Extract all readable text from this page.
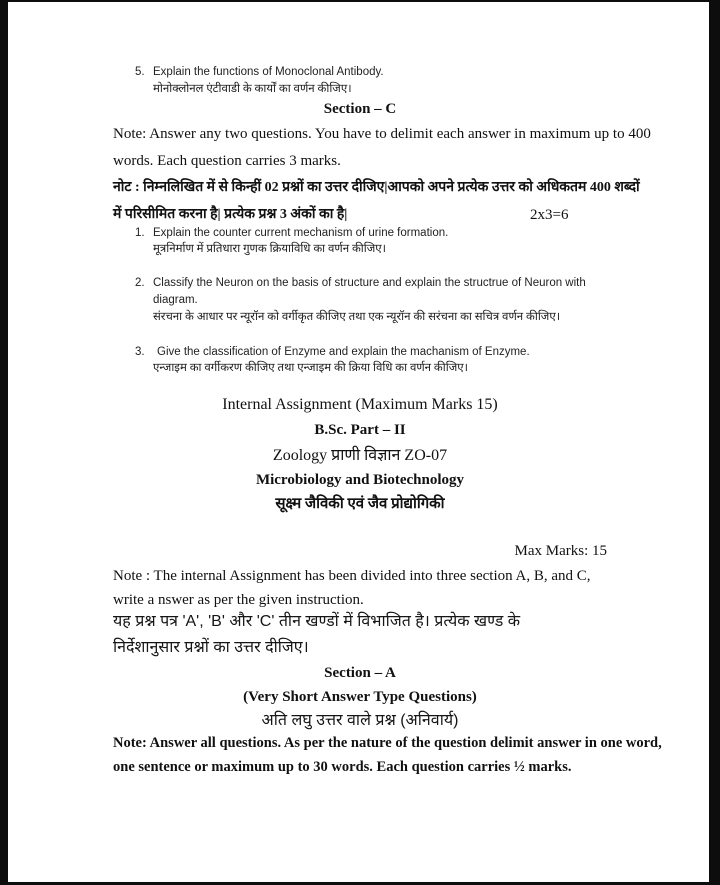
5. Explain the functions of Monoclonal Antibody.
मोनोक्लोनल एंटीवाडी के कार्यों का वर्णन कीजिए।
Section – C
Note: Answer any two questions. You have to delimit each answer in maximum up to 400
words. Each question carries 3 marks.
नोट : निम्नलिखित में से किन्हीं 02 प्रश्नों का उत्तर दीजिए|आपको अपने प्रत्येक उत्तर को अधिकतम 400 शब्दों
में परिसीमित करना है| प्रत्येक प्रश्न 3 अंकों का है|	2x3=6
1. Explain the counter current mechanism of urine formation.
मूत्रनिर्माण में प्रतिधारा गुणक क्रियाविधि का वर्णन कीजिए।
2. Classify the Neuron on the basis of structure and explain the structrue of Neuron with
diagram.
संरचना के आधार पर न्यूरॉन को वर्गीकृत कीजिए तथा एक न्यूरॉन की सरंचना का सचित्र वर्णन कीजिए।
3. Give the classification of Enzyme and explain the machanism of Enzyme.
एन्जाइम का वर्गीकरण कीजिए तथा एन्जाइम की क्रिया विधि का वर्णन कीजिए।
Internal Assignment (Maximum Marks 15)
B.Sc. Part – II
Zoology प्राणी विज्ञान ZO-07
Microbiology and Biotechnology
सूक्ष्म जैविकी एवं जैव प्रोद्योगिकी
Max Marks: 15
Note : The internal Assignment has been divided into three section A, B, and C,
write a nswer as per the given instruction.
यह प्रश्न पत्र 'A', 'B' और 'C' तीन खण्डों में विभाजित है। प्रत्येक खण्ड के
निर्देशानुसार प्रश्नों का उत्तर दीजिए।
Section – A
(Very Short Answer Type Questions)
अति लघु उत्तर वाले प्रश्न (अनिवार्य)
Note: Answer all questions. As per the nature of the question delimit answer in one word,
one sentence or maximum up to 30 words. Each question carries ½ marks.
